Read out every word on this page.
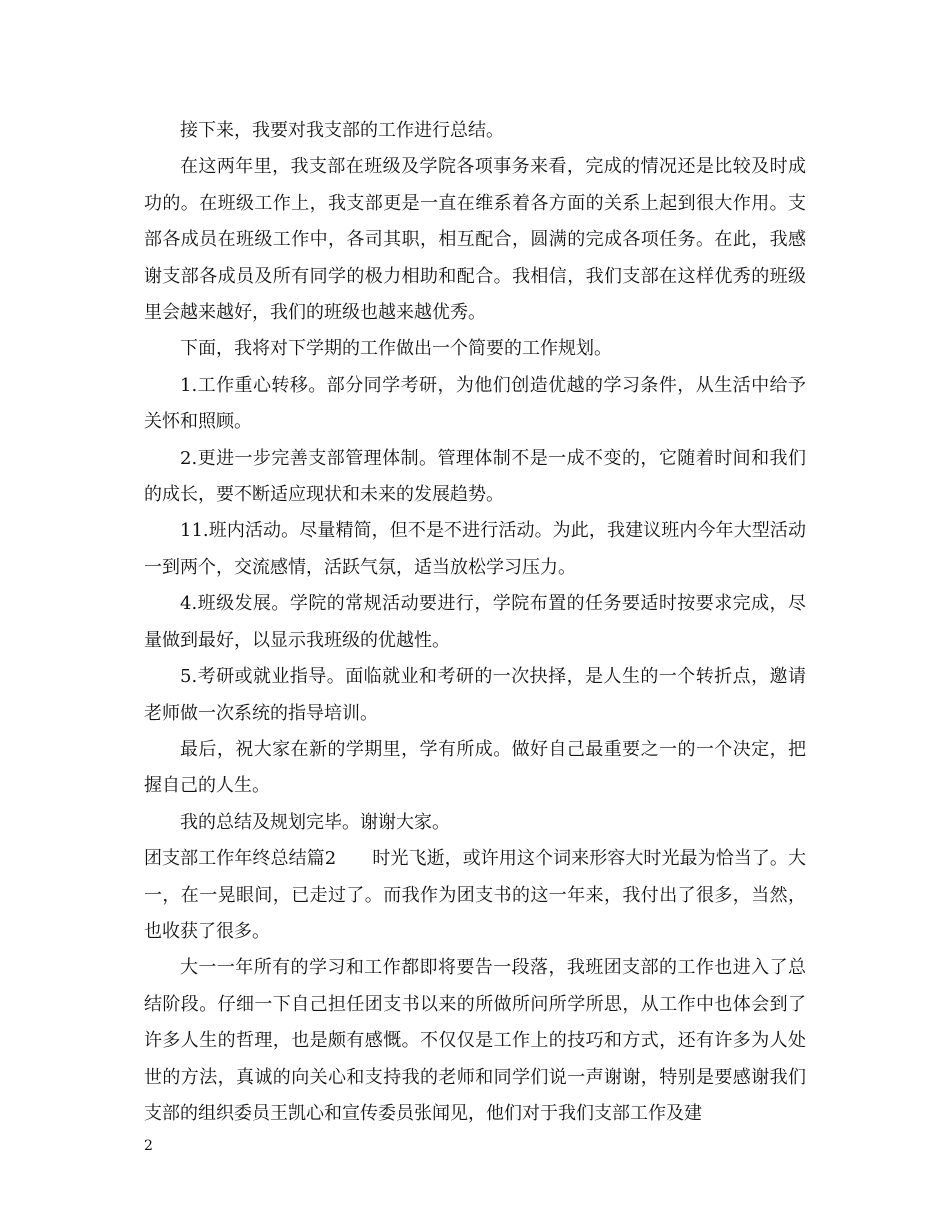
接下来，我要对我支部的工作进行总结。

在这两年里，我支部在班级及学院各项事务来看，完成的情况还是比较及时成功的。在班级工作上，我支部更是一直在维系着各方面的关系上起到很大作用。支部各成员在班级工作中，各司其职，相互配合，圆满的完成各项任务。在此，我感谢支部各成员及所有同学的极力相助和配合。我相信，我们支部在这样优秀的班级里会越来越好，我们的班级也越来越优秀。

下面，我将对下学期的工作做出一个简要的工作规划。

1.工作重心转移。部分同学考研，为他们创造优越的学习条件，从生活中给予关怀和照顾。

2.更进一步完善支部管理体制。管理体制不是一成不变的，它随着时间和我们的成长，要不断适应现状和未来的发展趋势。

11.班内活动。尽量精简，但不是不进行活动。为此，我建议班内今年大型活动一到两个，交流感情，活跃气氛，适当放松学习压力。

4.班级发展。学院的常规活动要进行，学院布置的任务要适时按要求完成，尽量做到最好，以显示我班级的优越性。

5.考研或就业指导。面临就业和考研的一次抉择，是人生的一个转折点，邀请老师做一次系统的指导培训。

最后，祝大家在新的学期里，学有所成。做好自己最重要之一的一个决定，把握自己的人生。

我的总结及规划完毕。谢谢大家。

团支部工作年终总结篇2　　时光飞逝，或许用这个词来形容大时光最为恰当了。大一，在一晃眼间，已走过了。而我作为团支书的这一年来，我付出了很多，当然，也收获了很多。

大一一年所有的学习和工作都即将要告一段落，我班团支部的工作也进入了总结阶段。仔细一下自己担任团支书以来的所做所问所学所思，从工作中也体会到了许多人生的哲理，也是颇有感慨。不仅仅是工作上的技巧和方式，还有许多为人处世的方法，真诚的向关心和支持我的老师和同学们说一声谢谢，特别是要感谢我们支部的组织委员王凯心和宣传委员张闻见，他们对于我们支部工作及建

2
